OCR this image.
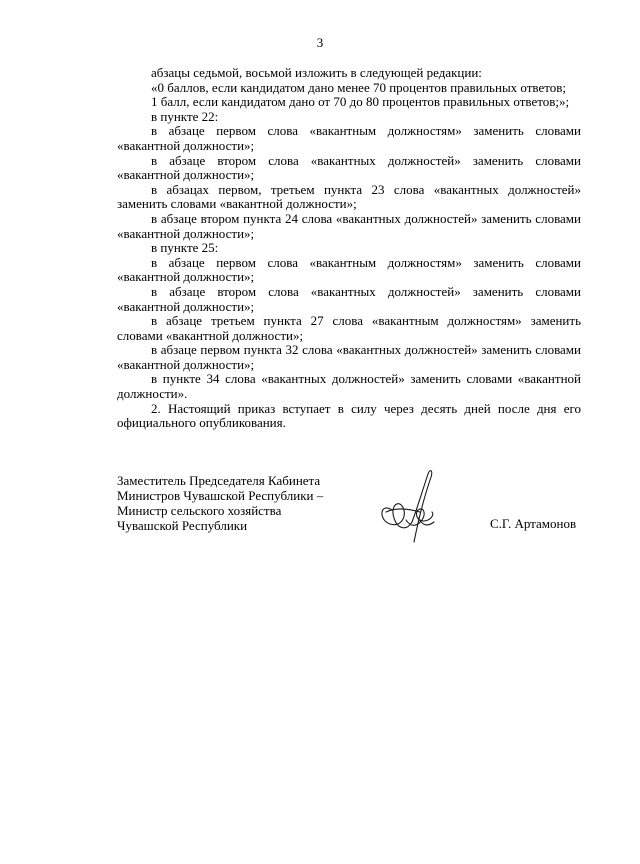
3

абзацы седьмой, восьмой изложить в следующей редакции:

«0 баллов, если кандидатом дано менее 70 процентов правильных ответов;

1 балл, если кандидатом дано от 70 до 80 процентов правильных ответов;»;

в пункте 22:

в абзаце первом слова «вакантным должностям» заменить словами «вакантной должности»;

в абзаце втором слова «вакантных должностей» заменить словами «вакантной должности»;

в абзацах первом, третьем пункта 23 слова «вакантных должностей» заменить словами «вакантной должности»;

в абзаце втором пункта 24 слова «вакантных должностей» заменить словами «вакантной должности»;

в пункте 25:

в абзаце первом слова «вакантным должностям» заменить словами «вакантной должности»;

в абзаце втором слова «вакантных должностей» заменить словами «вакантной должности»;

в абзаце третьем пункта 27 слова «вакантным должностям» заменить словами «вакантной должности»;

в абзаце первом пункта 32 слова «вакантных должностей» заменить словами «вакантной должности»;

в пункте 34 слова «вакантных должностей» заменить словами «вакантной должности».

2. Настоящий приказ вступает в силу через десять дней после дня его официального опубликования.

Заместитель Председателя Кабинета
Министров Чувашской Республики –
Министр сельского хозяйства
Чувашской Республики	С.Г. Артамонов
